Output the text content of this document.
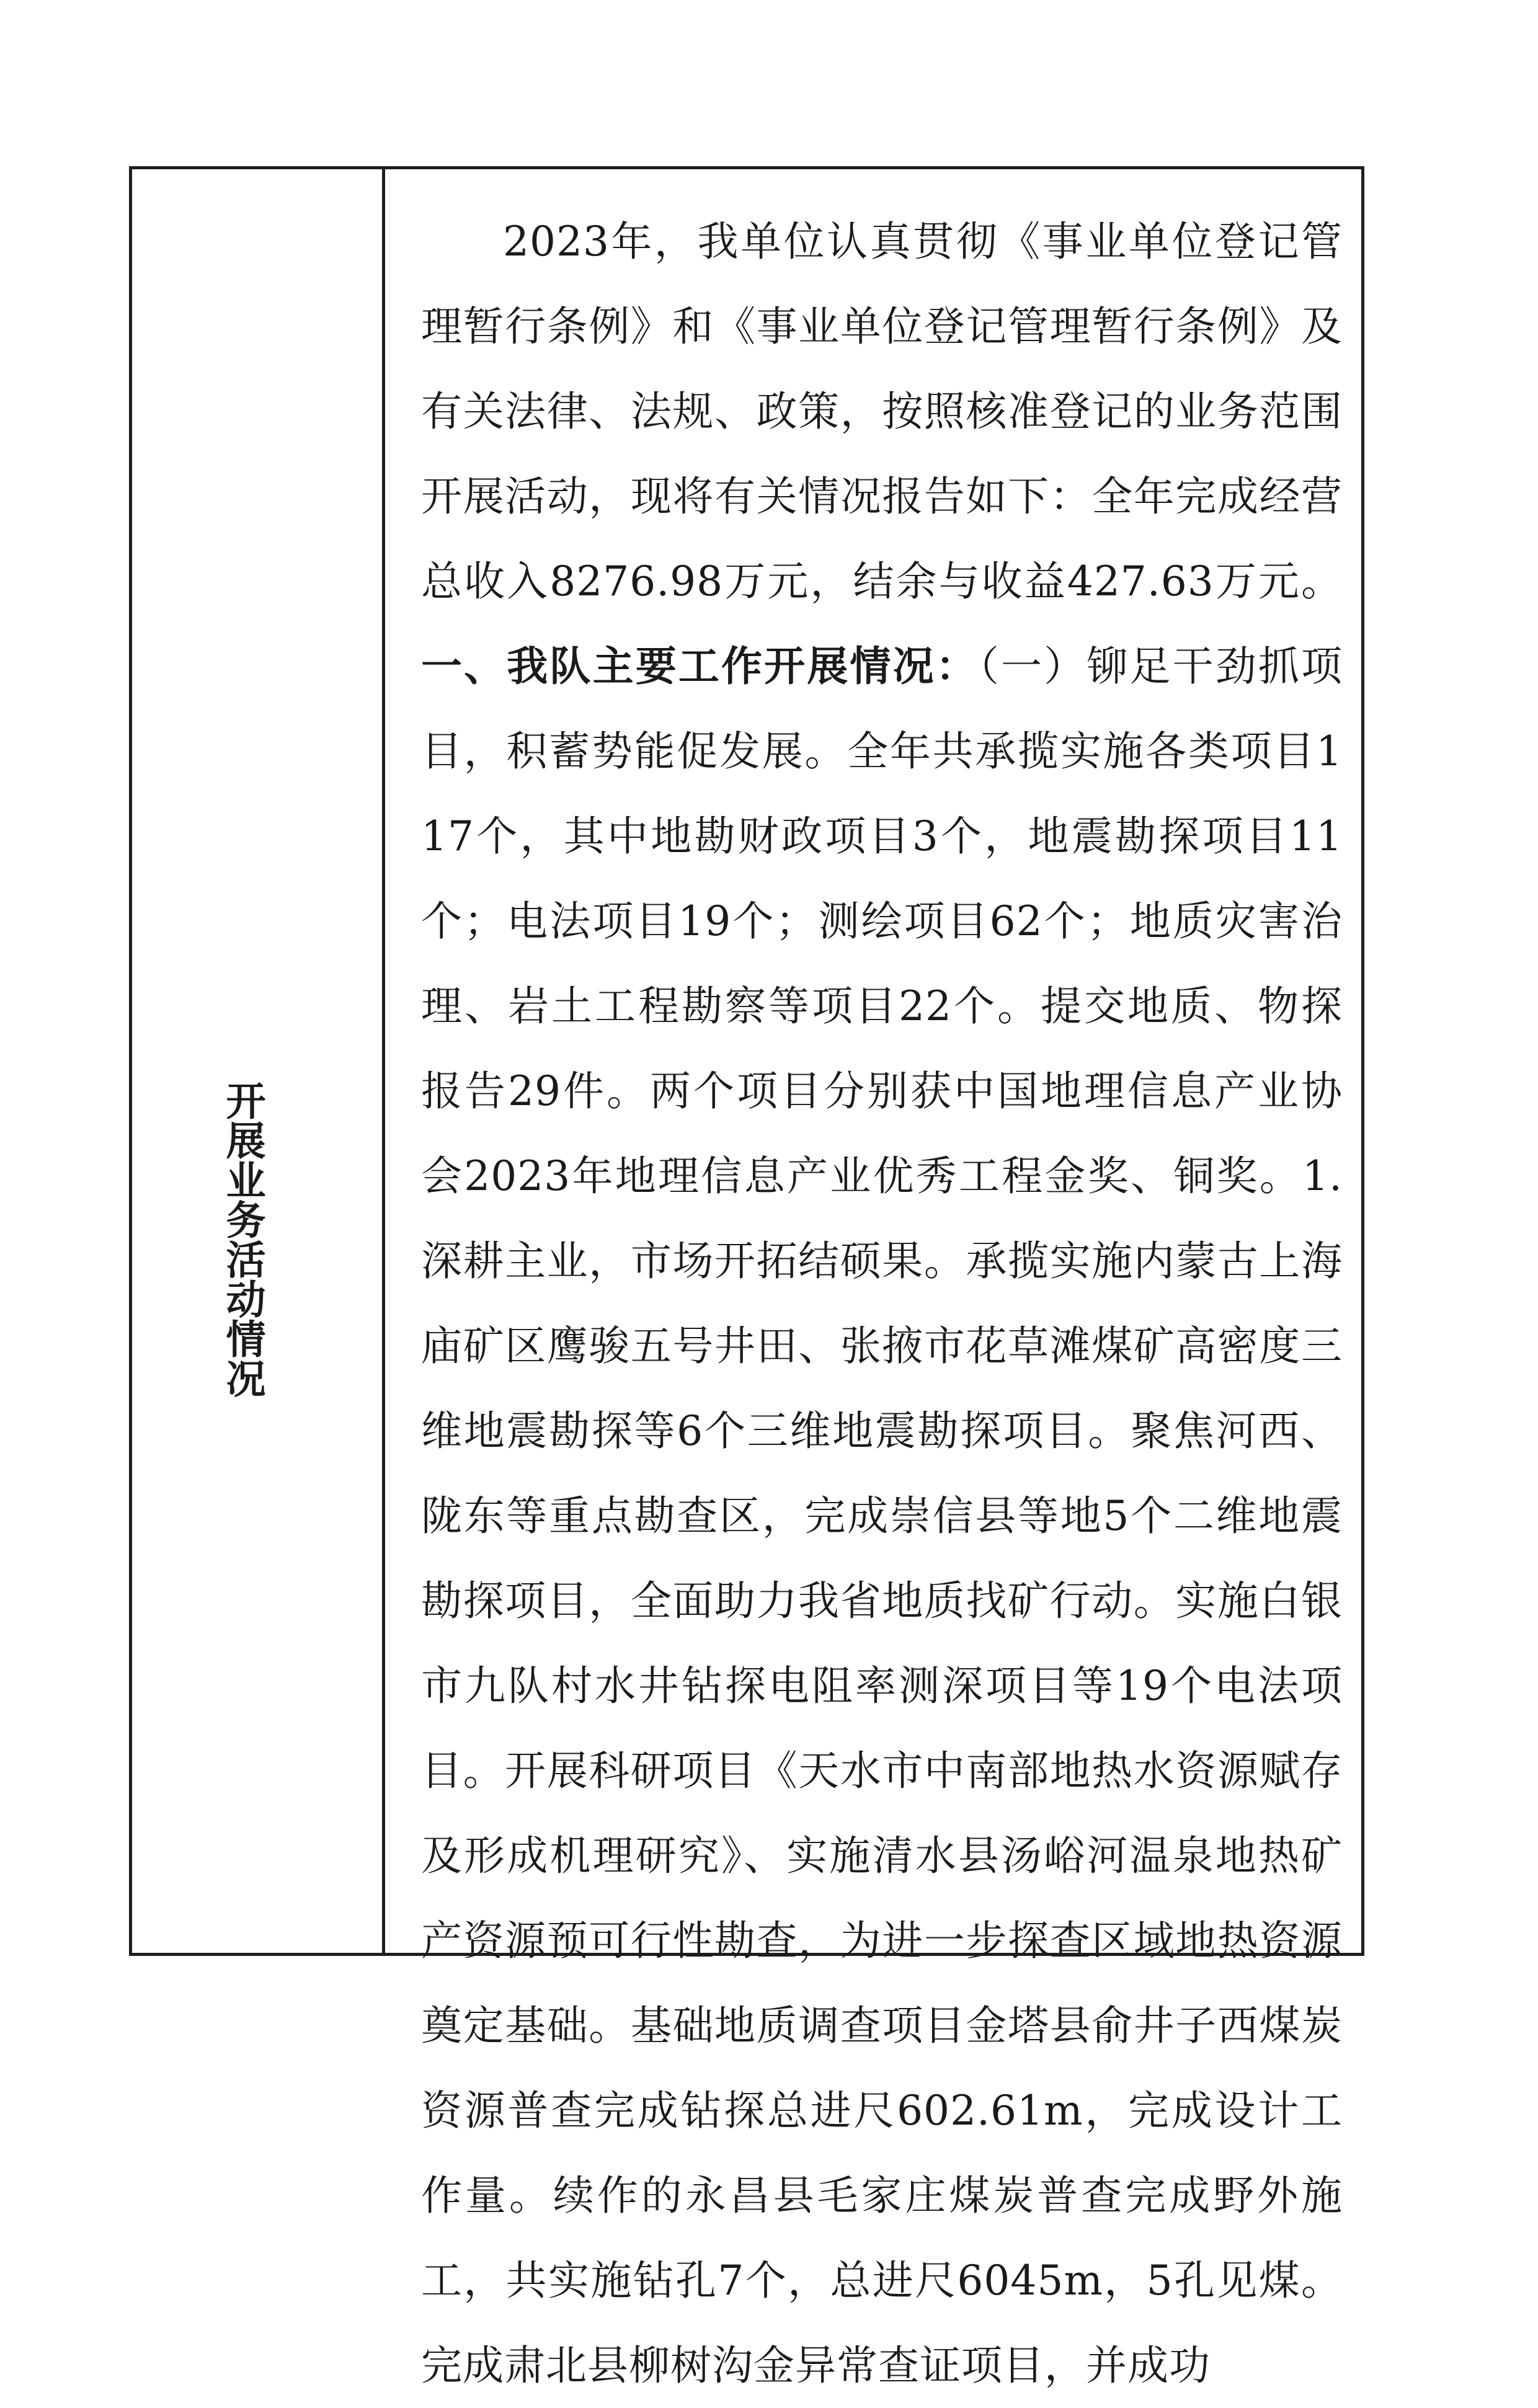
开展业务活动情况

2023年，我单位认真贯彻《事业单位登记管理暂行条例》和《事业单位登记管理暂行条例》及有关法律、法规、政策，按照核准登记的业务范围开展活动，现将有关情况报告如下：全年完成经营总收入8276.98万元，结余与收益427.63万元。一、我队主要工作开展情况：（一）铆足干劲抓项目，积蓄势能促发展。全年共承揽实施各类项目117个，其中地勘财政项目3个，地震勘探项目11个；电法项目19个；测绘项目62个；地质灾害治理、岩土工程勘察等项目22个。提交地质、物探报告29件。两个项目分别获中国地理信息产业协会2023年地理信息产业优秀工程金奖、铜奖。1.深耕主业，市场开拓结硕果。承揽实施内蒙古上海庙矿区鹰骏五号井田、张掖市花草滩煤矿高密度三维地震勘探等6个三维地震勘探项目。聚焦河西、陇东等重点勘查区，完成崇信县等地5个二维地震勘探项目，全面助力我省地质找矿行动。实施白银市九队村水井钻探电阻率测深项目等19个电法项目。开展科研项目《天水市中南部地热水资源赋存及形成机理研究》、实施清水县汤峪河温泉地热矿产资源预可行性勘查，为进一步探查区域地热资源奠定基础。基础地质调查项目金塔县俞井子西煤炭资源普查完成钻探总进尺602.61m，完成设计工作量。续作的永昌县毛家庄煤炭普查完成野外施工，共实施钻孔7个，总进尺6045m，5孔见煤。完成肃北县柳树沟金异常查证项目，并成功
